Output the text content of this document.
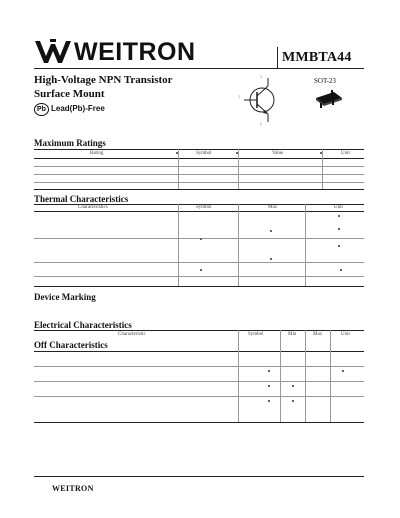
WEITRON	MMBTA44
High-Voltage NPN Transistor
Surface Mount
Pb Lead(Pb)-Free
3
1
2
SOT-23
Maximum Ratings
Rating	Symbol	Value	Unit
Thermal Characteristics
Characteristics	Symbol	Max	Unit
Device Marking
Electrical Characteristics
Characteristic	Symbol	Min	Max	Unit
Off Characteristics
WEITRON
